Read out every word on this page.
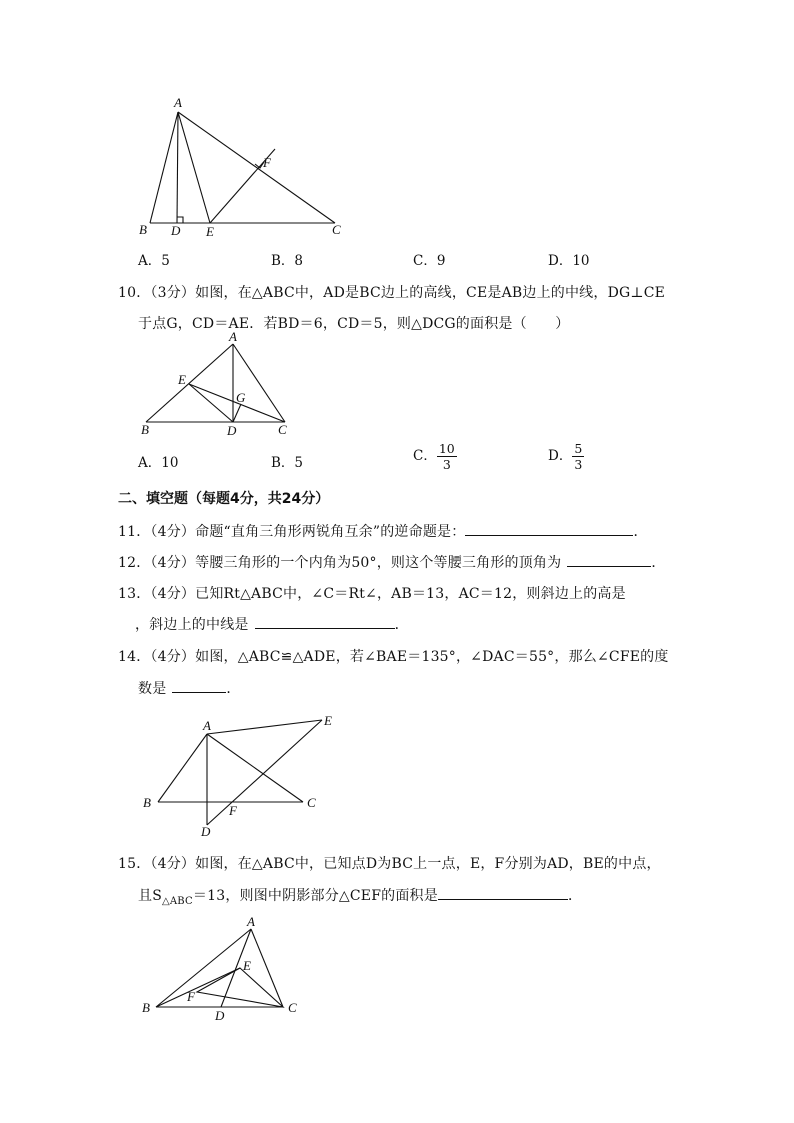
A
B D E	C
F
A．5	B．8	C．9	D．10
10．（3分）如图，在△ABC中，AD是BC边上的高线，CE是AB边上的中线，DG⊥CE
于点G，CD＝AE．若BD＝6，CD＝5，则△DCG的面积是（　　）
A
E
G
B	D	C
A．10	B．5	C． $\frac{10}{3}$	D． $\frac{5}{3}$
二、填空题（每题4分，共24分）
11．（4分）命题“直角三角形两锐角互余”的逆命题是：	．
12．（4分）等腰三角形的一个内角为50°，则这个等腰三角形的顶角为	．
13．（4分）已知Rt△ABC中，∠C＝Rt∠，AB＝13，AC＝12，则斜边上的高是
，斜边上的中线是	．
14．（4分）如图，△ABC≌△ADE，若∠BAE＝135°，∠DAC＝55°，那么∠CFE的度
数是	．
A	E
B	C
F
D
15．（4分）如图，在△ABC中，已知点D为BC上一点，E，F分别为AD，BE的中点，
且$S_{\triangle ABC}=13$，则图中阴影部分△CEF的面积是	．
A
E
F
B
D
C
